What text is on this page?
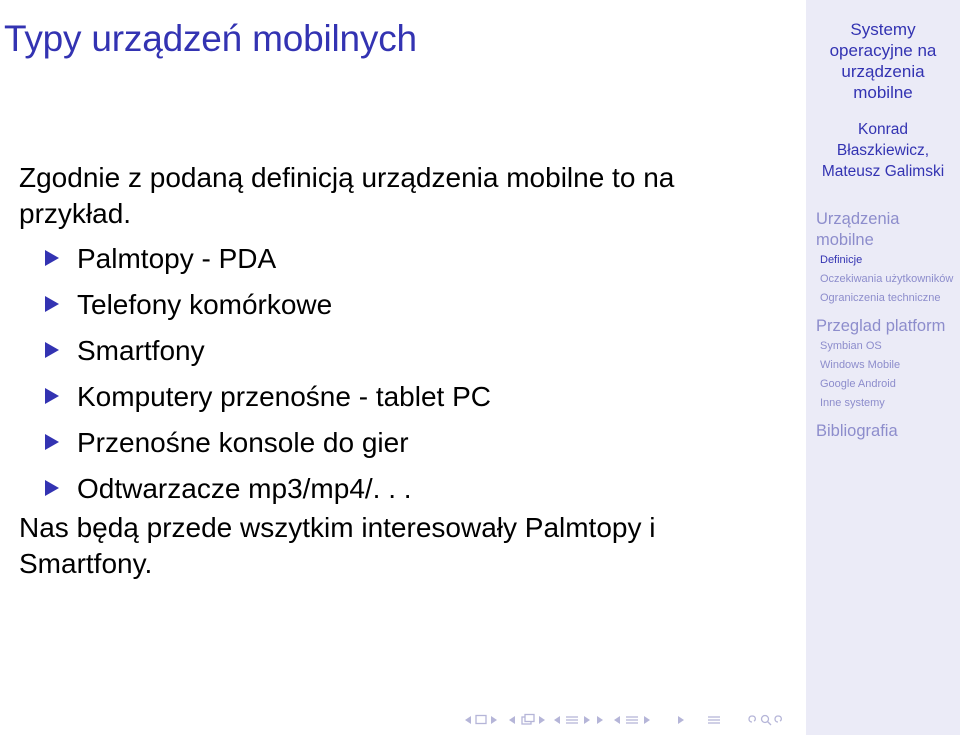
Typy urządzeń mobilnych

Zgodnie z podaną definicją urządzenia mobilne to na przykład.

Palmtopy - PDA
Telefony komórkowe
Smartfony
Komputery przenośne - tablet PC
Przenośne konsole do gier
Odtwarzacze mp3/mp4/. . .

Nas będą przede wszytkim interesowały Palmtopy i Smartfony.

Systemy
operacyjne na
urządzenia
mobilne
Konrad
Błaszkiewicz,
Mateusz Galimski
Urządzenia
mobilne
Definicje
Oczekiwania użytkowników
Ograniczenia techniczne
Przeglad platform
Symbian OS
Windows Mobile
Google Android
Inne systemy
Bibliografia
